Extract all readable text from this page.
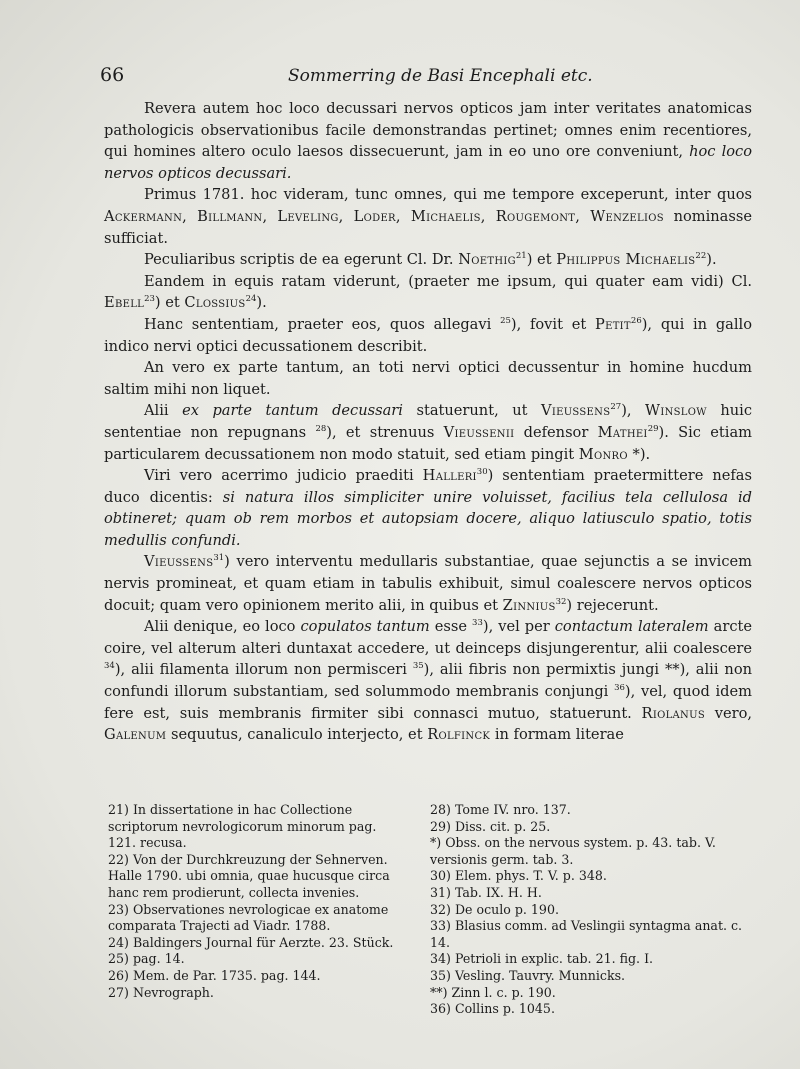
66	Sommerring de Basi Encephali etc.

Revera autem hoc loco decussari nervos opticos jam inter veritates anatomicas pathologicis observationibus facile demonstrandas pertinet; omnes enim recentiores, qui homines altero oculo laesos dissecuerunt, jam in eo uno ore conveniunt, hoc loco nervos opticos decussari.

Primus 1781. hoc videram, tunc omnes, qui me tempore exceperunt, inter quos Ackermann, Billmann, Leveling, Loder, Michaelis, Rougemont, Wenzelios nominasse sufficiat.

Peculiaribus scriptis de ea egerunt Cl. Dr. Noethig$^{21}$) et Philippus Michaelis$^{22}$).

Eandem in equis ratam viderunt, (praeter me ipsum, qui quater eam vidi) Cl. Ebell$^{23}$) et Clossius$^{24}$).

Hanc sententiam, praeter eos, quos allegavi $^{25}$), fovit et Petit$^{26}$), qui in gallo indico nervi optici decussationem describit.

An vero ex parte tantum, an toti nervi optici decussentur in homine hucdum saltim mihi non liquet.

Alii ex parte tantum decussari statuerunt, ut Vieussens$^{27}$), Winslow huic sententiae non repugnans $^{28}$), et strenuus Vieussenii defensor Mathei$^{29}$). Sic etiam particularem decussationem non modo statuit, sed etiam pingit Monro *).

Viri vero acerrimo judicio praediti Halleri$^{30}$) sententiam praetermittere nefas duco dicentis: si natura illos simpliciter unire voluisset, facilius tela cellulosa id obtineret; quam ob rem morbos et autopsiam docere, aliquo latiusculo spatio, totis medullis confundi.

Vieussens$^{31}$) vero interventu medullaris substantiae, quae sejunctis a se invicem nervis promineat, et quam etiam in tabulis exhibuit, simul coalescere nervos opticos docuit; quam vero opinionem merito alii, in quibus et Zinnius$^{32}$) rejecerunt.

Alii denique, eo loco copulatos tantum esse $^{33}$), vel per contactum lateralem arcte coire, vel alterum alteri duntaxat accedere, ut deinceps disjungerentur, alii coalescere $^{34}$), alii filamenta illorum non permisceri $^{35}$), alii fibris non permixtis jungi **), alii non confundi illorum substantiam, sed solummodo membranis conjungi $^{36}$), vel, quod idem fere est, suis membranis firmiter sibi connasci mutuo, statuerunt. Riolanus vero, Galenum sequutus, canaliculo interjecto, et Rolfinck in formam literae

21) In dissertatione in hac Collectione scriptorum nevrologicorum minorum pag. 121. recusa.

22) Von der Durchkreuzung der Sehnerven. Halle 1790. ubi omnia, quae hucusque circa hanc rem prodierunt, collecta invenies.

23) Observationes nevrologicae ex anatome comparata Trajecti ad Viadr. 1788.

24) Baldingers Journal für Aerzte. 23. Stück.

25) pag. 14.

26) Mem. de Par. 1735. pag. 144.

27) Nevrograph.

28) Tome IV. nro. 137.

29) Diss. cit. p. 25.

*) Obss. on the nervous system. p. 43. tab. V. versionis germ. tab. 3.

30) Elem. phys. T. V. p. 348.

31) Tab. IX. H. H.

32) De oculo p. 190.

33) Blasius comm. ad Veslingii syntagma anat. c. 14.

34) Petrioli in explic. tab. 21. fig. I.

35) Vesling. Tauvry. Munnicks.

**) Zinn l. c. p. 190.

36) Collins p. 1045.
